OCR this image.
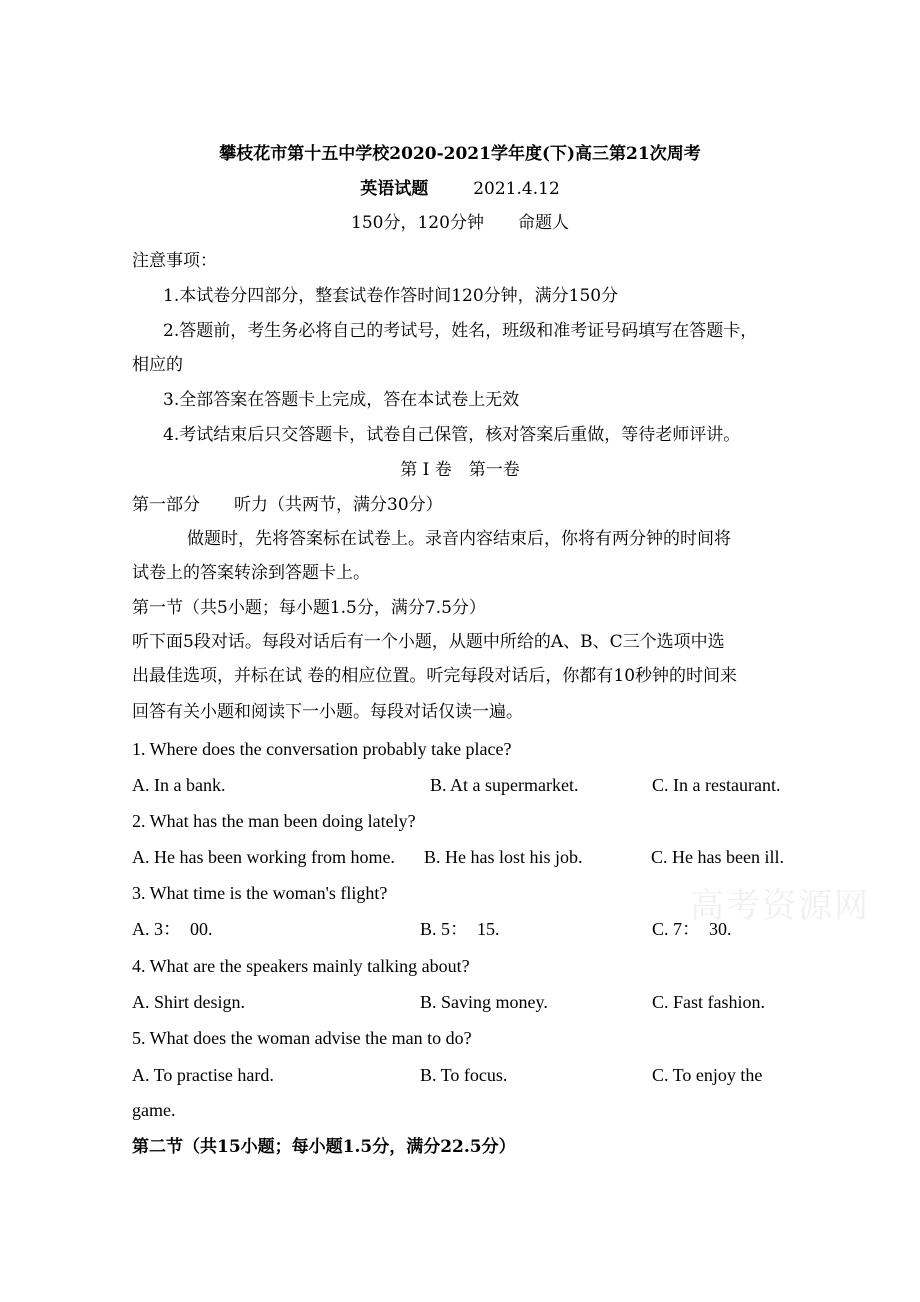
攀枝花市第十五中学校2020-2021学年度(下)高三第21次周考
英语试题	2021.4.12
150分，120分钟　　命题人
注意事项：
1.本试卷分四部分，整套试卷作答时间120分钟，满分150分
2.答题前，考生务必将自己的考试号，姓名，班级和准考证号码填写在答题卡，
相应的
3.全部答案在答题卡上完成，答在本试卷上无效
4.考试结束后只交答题卡，试卷自己保管，核对答案后重做，等待老师评讲。
第 I 卷　第一卷
第一部分　　听力（共两节，满分30分）
做题时，先将答案标在试卷上。录音内容结束后，你将有两分钟的时间将
试卷上的答案转涂到答题卡上。
第一节（共5小题；每小题1.5分，满分7.5分）
听下面5段对话。每段对话后有一个小题，从题中所给的A、B、C三个选项中选
出最佳选项，并标在试 卷的相应位置。听完每段对话后，你都有10秒钟的时间来
回答有关小题和阅读下一小题。每段对话仅读一遍。
1. Where does the conversation probably take place?
A. In a bank.	B. At a supermarket.	C. In a restaurant.
2. What has the man been doing lately?
A. He has been working from home. B. He has lost his job.	C. He has been ill.
3. What time is the woman's flight?
A. 3：　00.	B. 5：　15.	C. 7：　30.
4. What are the speakers mainly talking about?
A. Shirt design.	B. Saving money.	C. Fast fashion.
5. What does the woman advise the man to do?
A. To practise hard.	B. To focus.	C. To enjoy the
game.
第二节（共15小题；每小题1.5分，满分22.5分）
高考资源网
